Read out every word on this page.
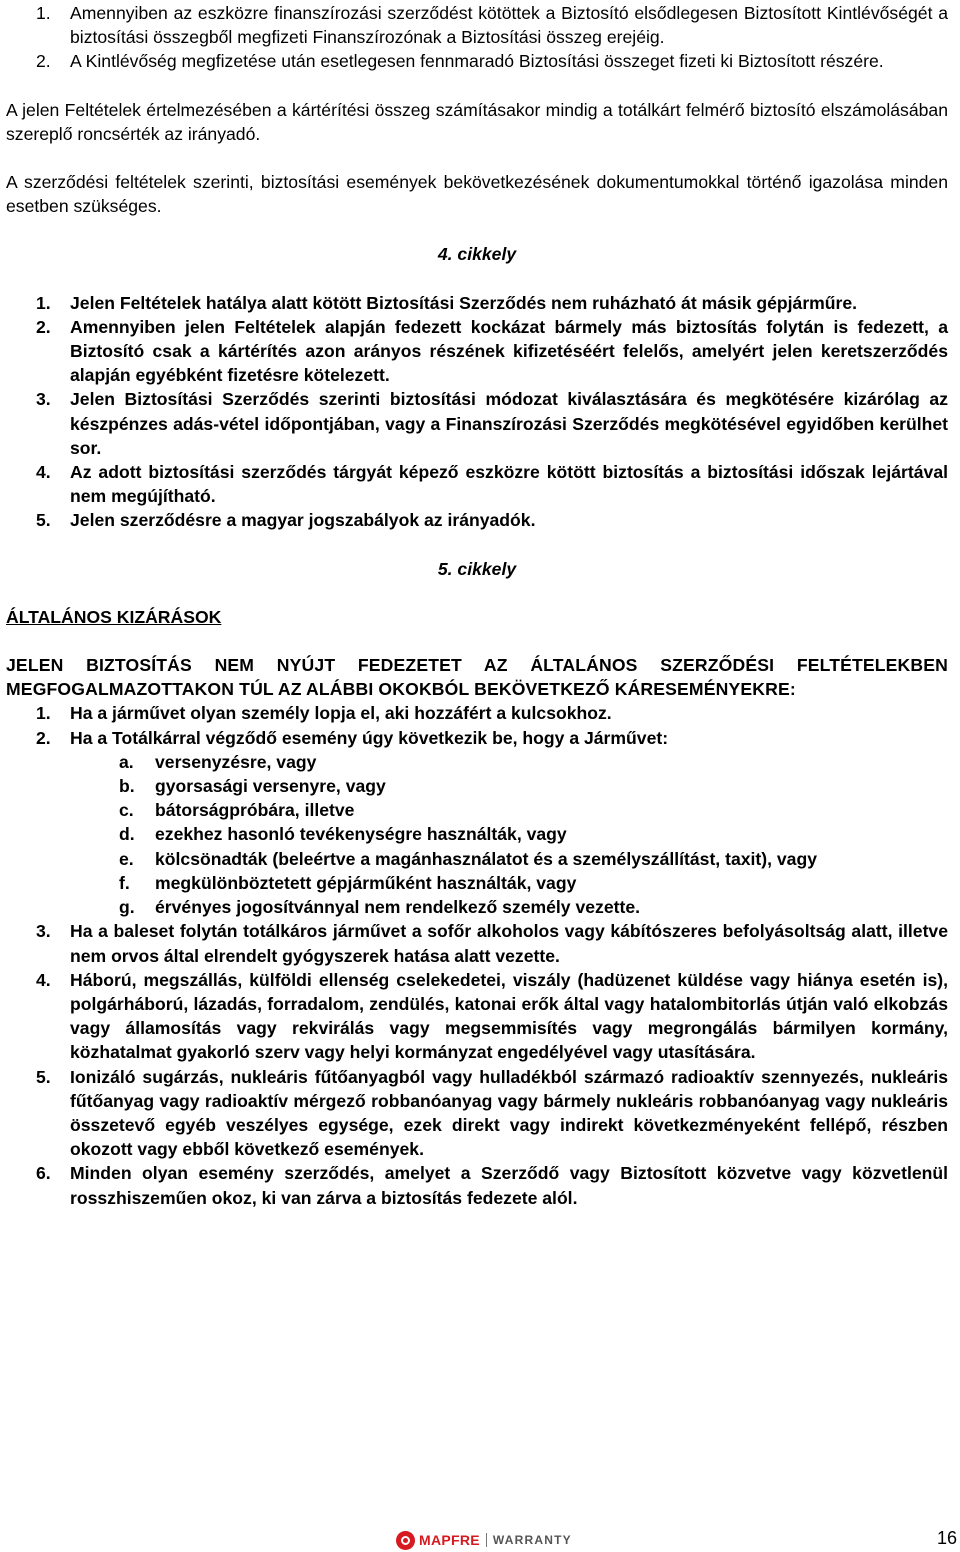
1. Amennyiben az eszközre finanszírozási szerződést kötöttek a Biztosító elsődlegesen Biztosított Kintlévőségét a biztosítási összegből megfizeti Finanszírozónak a Biztosítási összeg erejéig.
2. A Kintlévőség megfizetése után esetlegesen fennmaradó Biztosítási összeget fizeti ki Biztosított részére.

A jelen Feltételek értelmezésében a kártérítési összeg számításakor mindig a totálkárt felmérő biztosító elszámolásában szereplő roncsérték az irányadó.

A szerződési feltételek szerinti, biztosítási események bekövetkezésének dokumentumokkal történő igazolása minden esetben szükséges.

4. cikkely

1. Jelen Feltételek hatálya alatt kötött Biztosítási Szerződés nem ruházható át másik gépjárműre.
2. Amennyiben jelen Feltételek alapján fedezett kockázat bármely más biztosítás folytán is fedezett, a Biztosító csak a kártérítés azon arányos részének kifizetéséért felelős, amelyért jelen keretszerződés alapján egyébként fizetésre kötelezett.
3. Jelen Biztosítási Szerződés szerinti biztosítási módozat kiválasztására és megkötésére kizárólag az készpénzes adás-vétel időpontjában, vagy a Finanszírozási Szerződés megkötésével egyidőben kerülhet sor.
4. Az adott biztosítási szerződés tárgyát képező eszközre kötött biztosítás a biztosítási időszak lejártával nem megújítható.
5. Jelen szerződésre a magyar jogszabályok az irányadók.

5. cikkely

ÁLTALÁNOS KIZÁRÁSOK

JELEN BIZTOSÍTÁS NEM NYÚJT FEDEZETET AZ ÁLTALÁNOS SZERZŐDÉSI FELTÉTELEKBEN MEGFOGALMAZOTTAKON TÚL AZ ALÁBBI OKOKBÓL BEKÖVETKEZŐ KÁRESEMÉNYEKRE:

1. Ha a járművet olyan személy lopja el, aki hozzáfért a kulcsokhoz.
2. Ha a Totálkárral végződő esemény úgy következik be, hogy a Járművet:
a. versenyzésre, vagy
b. gyorsasági versenyre, vagy
c. bátorságpróbára, illetve
d. ezekhez hasonló tevékenységre használták, vagy
e. kölcsönadták (beleértve a magánhasználatot és a személyszállítást, taxit), vagy
f. megkülönböztetett gépjárműként használták, vagy
g. érvényes jogosítvánnyal nem rendelkező személy vezette.
3. Ha a baleset folytán totálkáros járművet a sofőr alkoholos vagy kábítószeres befolyásoltság alatt, illetve nem orvos által elrendelt gyógyszerek hatása alatt vezette.
4. Háború, megszállás, külföldi ellenség cselekedetei, viszály (hadüzenet küldése vagy hiánya esetén is), polgárháború, lázadás, forradalom, zendülés, katonai erők által vagy hatalombitorlás útján való elkobzás vagy államosítás vagy rekvirálás vagy megsemmisítés vagy megrongálás bármilyen kormány, közhatalmat gyakorló szerv vagy helyi kormányzat engedélyével vagy utasítására.
5. Ionizáló sugárzás, nukleáris fűtőanyagból vagy hulladékból származó radioaktív szennyezés, nukleáris fűtőanyag vagy radioaktív mérgező robbanóanyag vagy bármely nukleáris robbanóanyag vagy nukleáris összetevő egyéb veszélyes egysége, ezek direkt vagy indirekt következményeként fellépő, részben okozott vagy ebből következő események.
6. Minden olyan esemény szerződés, amelyet a Szerződő vagy Biztosított közvetve vagy közvetlenül rosszhiszeműen okoz, ki van zárva a biztosítás fedezete alól.
MAPFRE WARRANTY	16
